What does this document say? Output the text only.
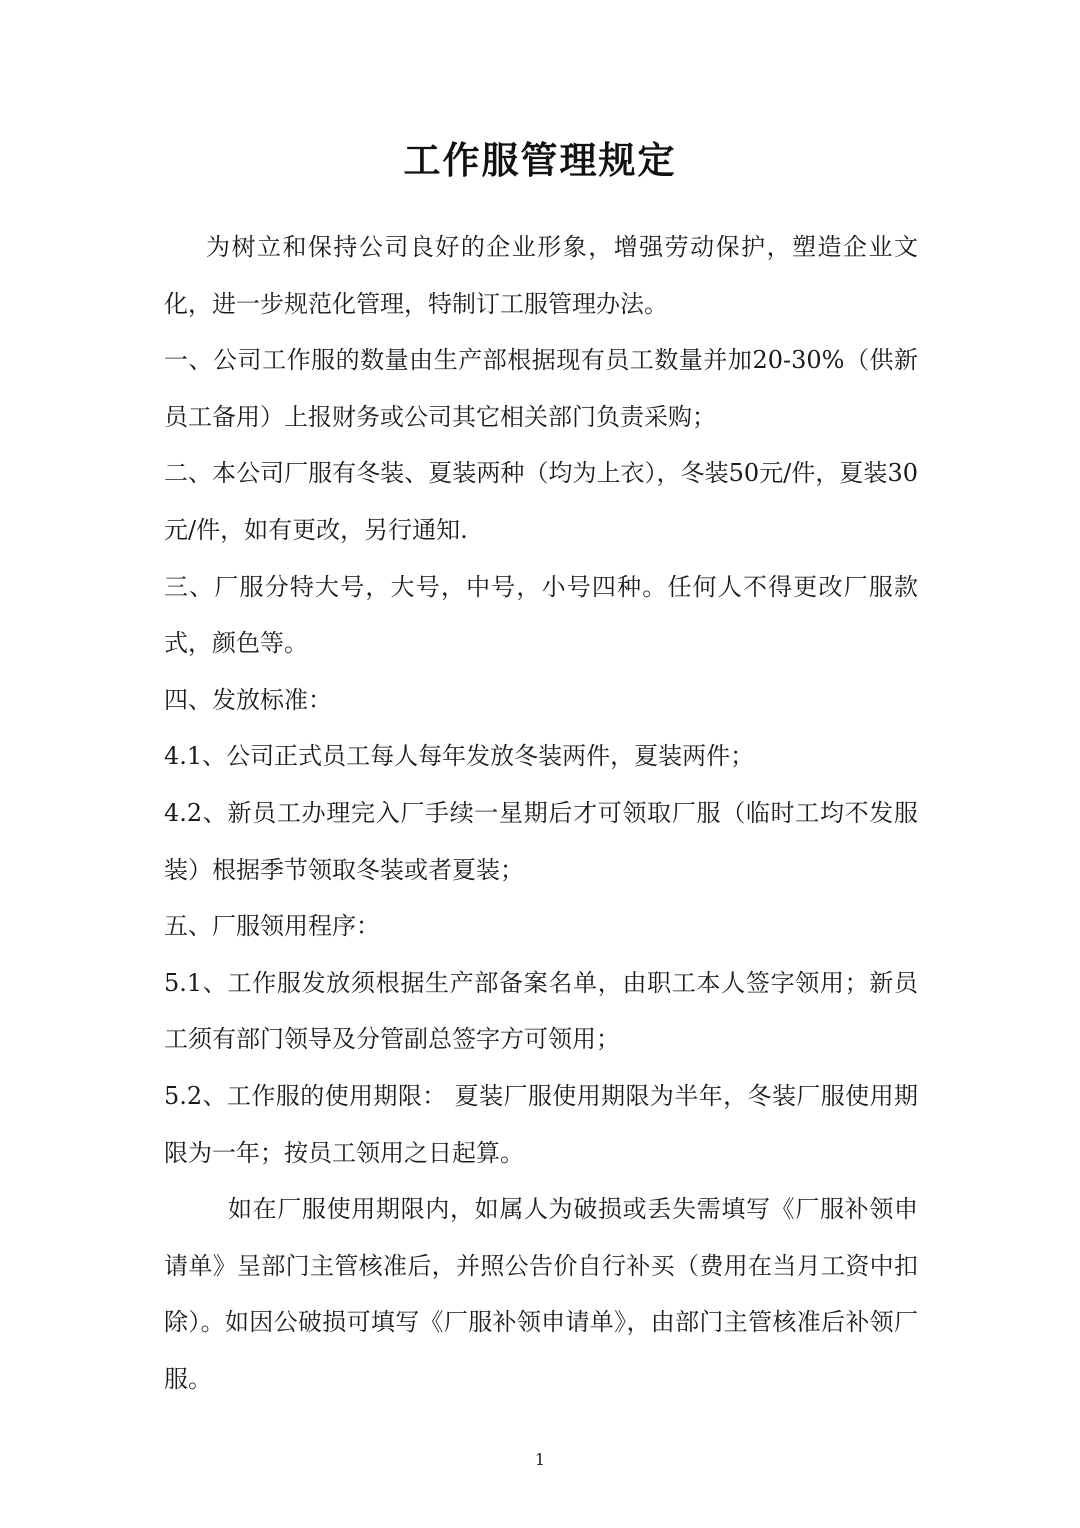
工作服管理规定

为树立和保持公司良好的企业形象，增强劳动保护，塑造企业文化，进一步规范化管理，特制订工服管理办法。

一、公司工作服的数量由生产部根据现有员工数量并加20-30%（供新员工备用）上报财务或公司其它相关部门负责采购；

二、本公司厂服有冬装、夏装两种（均为上衣），冬装50元/件，夏装30元/件，如有更改，另行通知.

三、厂服分特大号，大号，中号，小号四种。任何人不得更改厂服款式，颜色等。

四、发放标准：

4.1、公司正式员工每人每年发放冬装两件，夏装两件；

4.2、新员工办理完入厂手续一星期后才可领取厂服（临时工均不发服装）根据季节领取冬装或者夏装；

五、厂服领用程序：

5.1、工作服发放须根据生产部备案名单，由职工本人签字领用；新员工须有部门领导及分管副总签字方可领用；

5.2、工作服的使用期限： 夏装厂服使用期限为半年，冬装厂服使用期限为一年；按员工领用之日起算。

如在厂服使用期限内，如属人为破损或丢失需填写《厂服补领申请单》呈部门主管核准后，并照公告价自行补买（费用在当月工资中扣除）。如因公破损可填写《厂服补领申请单》，由部门主管核准后补领厂服。

1
